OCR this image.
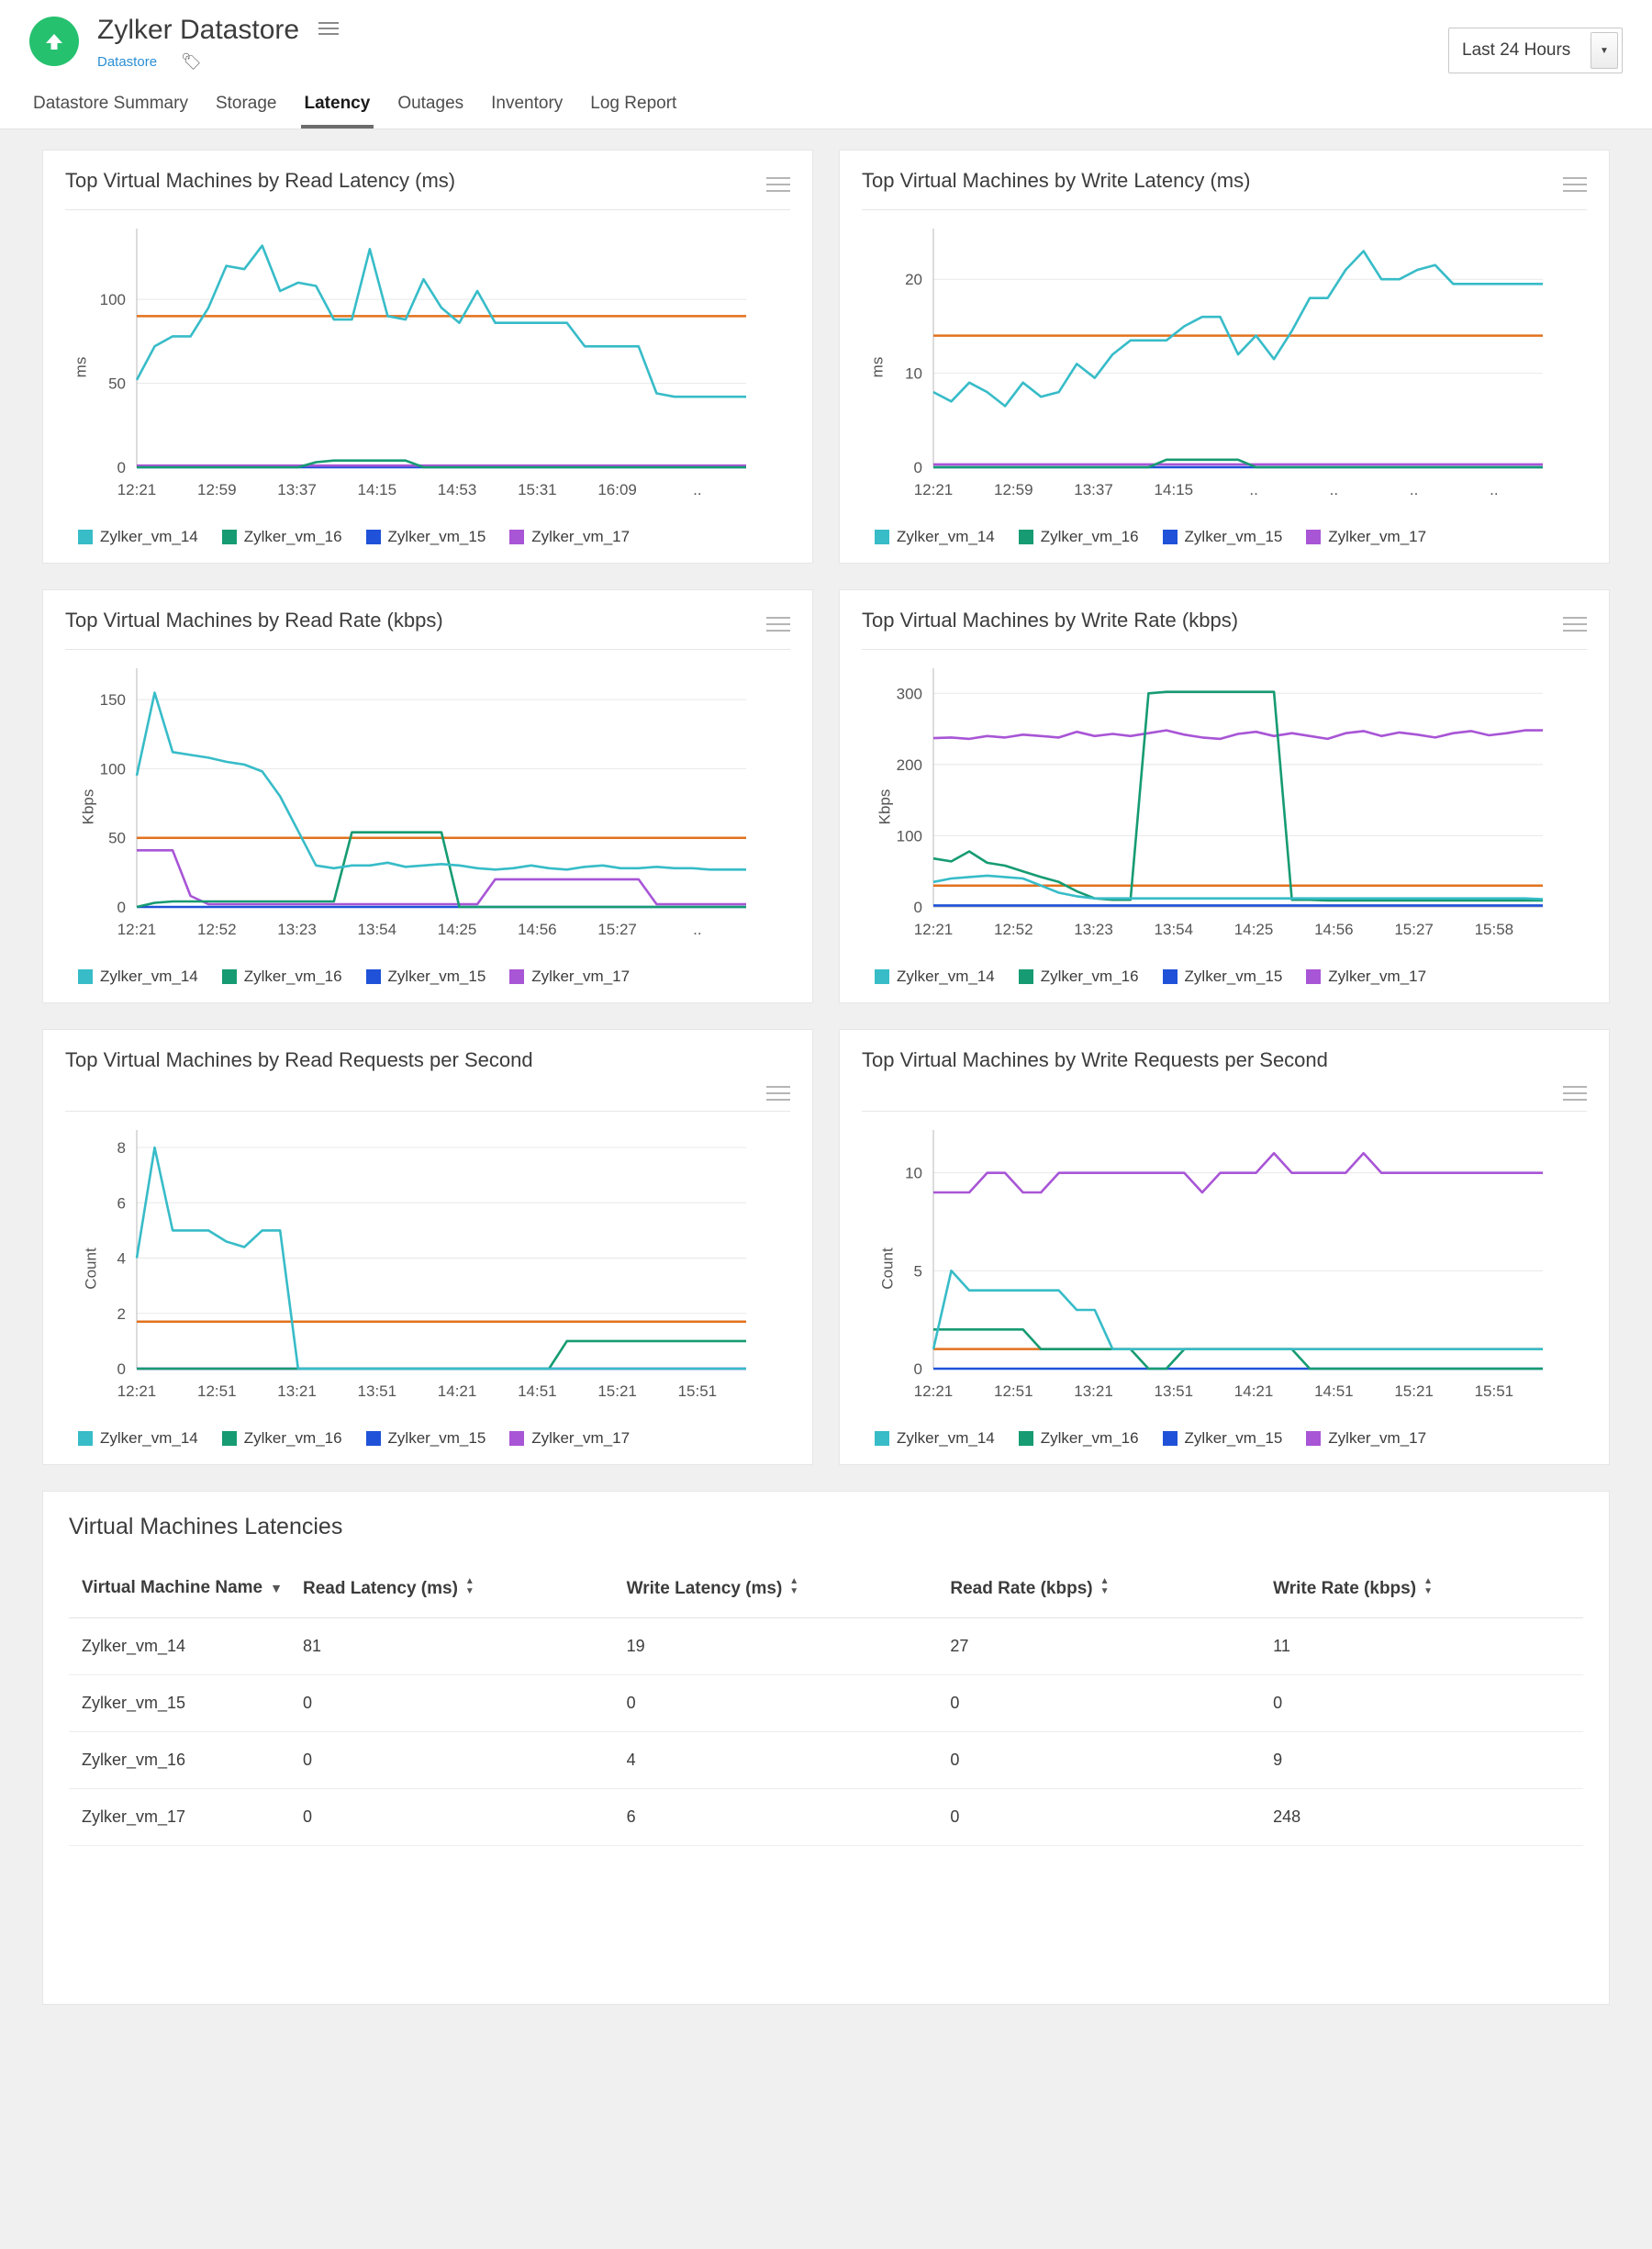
Zylker Datastore
Datastore 🏷
Last 24 Hours	▼
Datastore Summary Storage Latency Outages Inventory Log Report
Top Virtual Machines by Read Latency (ms)
ms
0
50
100
12:21	12:59	13:37	14:15	14:53	15:31	16:09	..
Zylker_vm_14	Zylker_vm_16	Zylker_vm_15	Zylker_vm_17
Top Virtual Machines by Write Latency (ms)
ms
0
10
20
12:21	12:59	13:37	14:15	..	..	..	..
Zylker_vm_14	Zylker_vm_16	Zylker_vm_15	Zylker_vm_17
Top Virtual Machines by Read Rate (kbps)
Kbps
0
50
100
150
12:21	12:52	13:23	13:54	14:25	14:56	15:27	..
Zylker_vm_14	Zylker_vm_16	Zylker_vm_15	Zylker_vm_17
Top Virtual Machines by Write Rate (kbps)
Kbps
0
100
200
300
12:21	12:52	13:23	13:54	14:25	14:56	15:27	15:58
Zylker_vm_14	Zylker_vm_16	Zylker_vm_15	Zylker_vm_17
Top Virtual Machines by Read Requests per Second
Count
0
2
4
6
8
12:21	12:51	13:21	13:51	14:21	14:51	15:21	15:51
Zylker_vm_14	Zylker_vm_16	Zylker_vm_15	Zylker_vm_17
Top Virtual Machines by Write Requests per Second
Count
0
5
10
12:21	12:51	13:21	13:51	14:21	14:51	15:21	15:51
Zylker_vm_14	Zylker_vm_16	Zylker_vm_15	Zylker_vm_17
Virtual Machines Latencies
Virtual Machine Name ▼	Read Latency (ms)▲ ▼	Write Latency (ms)▲ ▼	Read Rate (kbps)▲ ▼	Write Rate (kbps)▲ ▼
Zylker_vm_14	81	19	27	11
Zylker_vm_15	0	0	0	0
Zylker_vm_16	0	4	0	9
Zylker_vm_17	0	6	0	248
